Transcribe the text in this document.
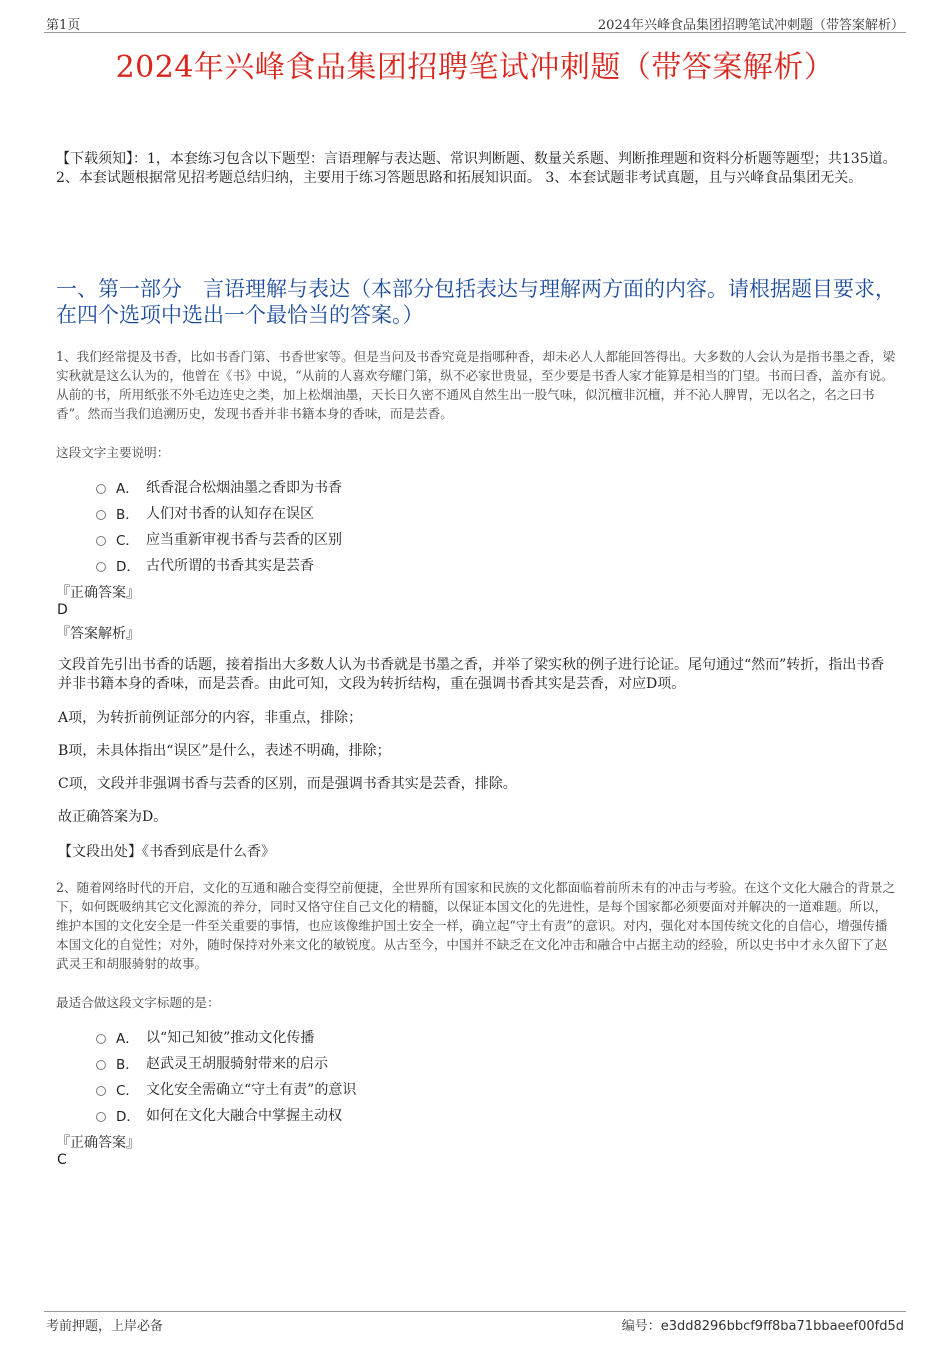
第1页	2024年兴峰食品集团招聘笔试冲刺题（带答案解析）
2024年兴峰食品集团招聘笔试冲刺题（带答案解析）
【下载须知】：1，本套练习包含以下题型：言语理解与表达题、常识判断题、数量关系题、判断推理题和资料分析题等题型；共135道。 2、本套试题根据常见招考题总结归纳，主要用于练习答题思路和拓展知识面。 3、本套试题非考试真题，且与兴峰食品集团无关。
一、第一部分　言语理解与表达（本部分包括表达与理解两方面的内容。请根据题目要求，在四个选项中选出一个最恰当的答案。）
1、我们经常提及书香，比如书香门第、书香世家等。但是当问及书香究竟是指哪种香，却未必人人都能回答得出。大多数的人会认为是指书墨之香，梁实秋就是这么认为的，他曾在《书》中说，“从前的人喜欢夸耀门第，纵不必家世贵显，至少要是书香人家才能算是相当的门望。书而曰香，盖亦有说。从前的书，所用纸张不外毛边连史之类，加上松烟油墨，天长日久密不通风自然生出一股气味，似沉檀非沉檀，并不沁人脾胃，无以名之，名之曰书香”。然而当我们追溯历史，发现书香并非书籍本身的香味，而是芸香。
这段文字主要说明：
A． 纸香混合松烟油墨之香即为书香
B． 人们对书香的认知存在误区
C． 应当重新审视书香与芸香的区别
D． 古代所谓的书香其实是芸香
『正确答案』
D
『答案解析』
文段首先引出书香的话题，接着指出大多数人认为书香就是书墨之香，并举了梁实秋的例子进行论证。尾句通过“然而”转折，指出书香并非书籍本身的香味，而是芸香。由此可知，文段为转折结构，重在强调书香其实是芸香，对应D项。
A项，为转折前例证部分的内容，非重点，排除；
B项，未具体指出“误区”是什么，表述不明确，排除；
C项，文段并非强调书香与芸香的区别，而是强调书香其实是芸香，排除。
故正确答案为D。
【文段出处】《书香到底是什么香》
2、随着网络时代的开启，文化的互通和融合变得空前便捷，全世界所有国家和民族的文化都面临着前所未有的冲击与考验。在这个文化大融合的背景之下，如何既吸纳其它文化源流的养分，同时又恪守住自己文化的精髓，以保证本国文化的先进性，是每个国家都必须要面对并解决的一道难题。所以，维护本国的文化安全是一件至关重要的事情，也应该像维护国土安全一样，确立起“守土有责”的意识。对内，强化对本国传统文化的自信心，增强传播本国文化的自觉性；对外，随时保持对外来文化的敏锐度。从古至今，中国并不缺乏在文化冲击和融合中占据主动的经验，所以史书中才永久留下了赵武灵王和胡服骑射的故事。
最适合做这段文字标题的是：
A． 以“知己知彼”推动文化传播
B． 赵武灵王胡服骑射带来的启示
C． 文化安全需确立“守土有责”的意识
D． 如何在文化大融合中掌握主动权
『正确答案』
C
考前押题，上岸必备	编号：e3dd8296bbcf9ff8ba71bbaeef00fd5d
